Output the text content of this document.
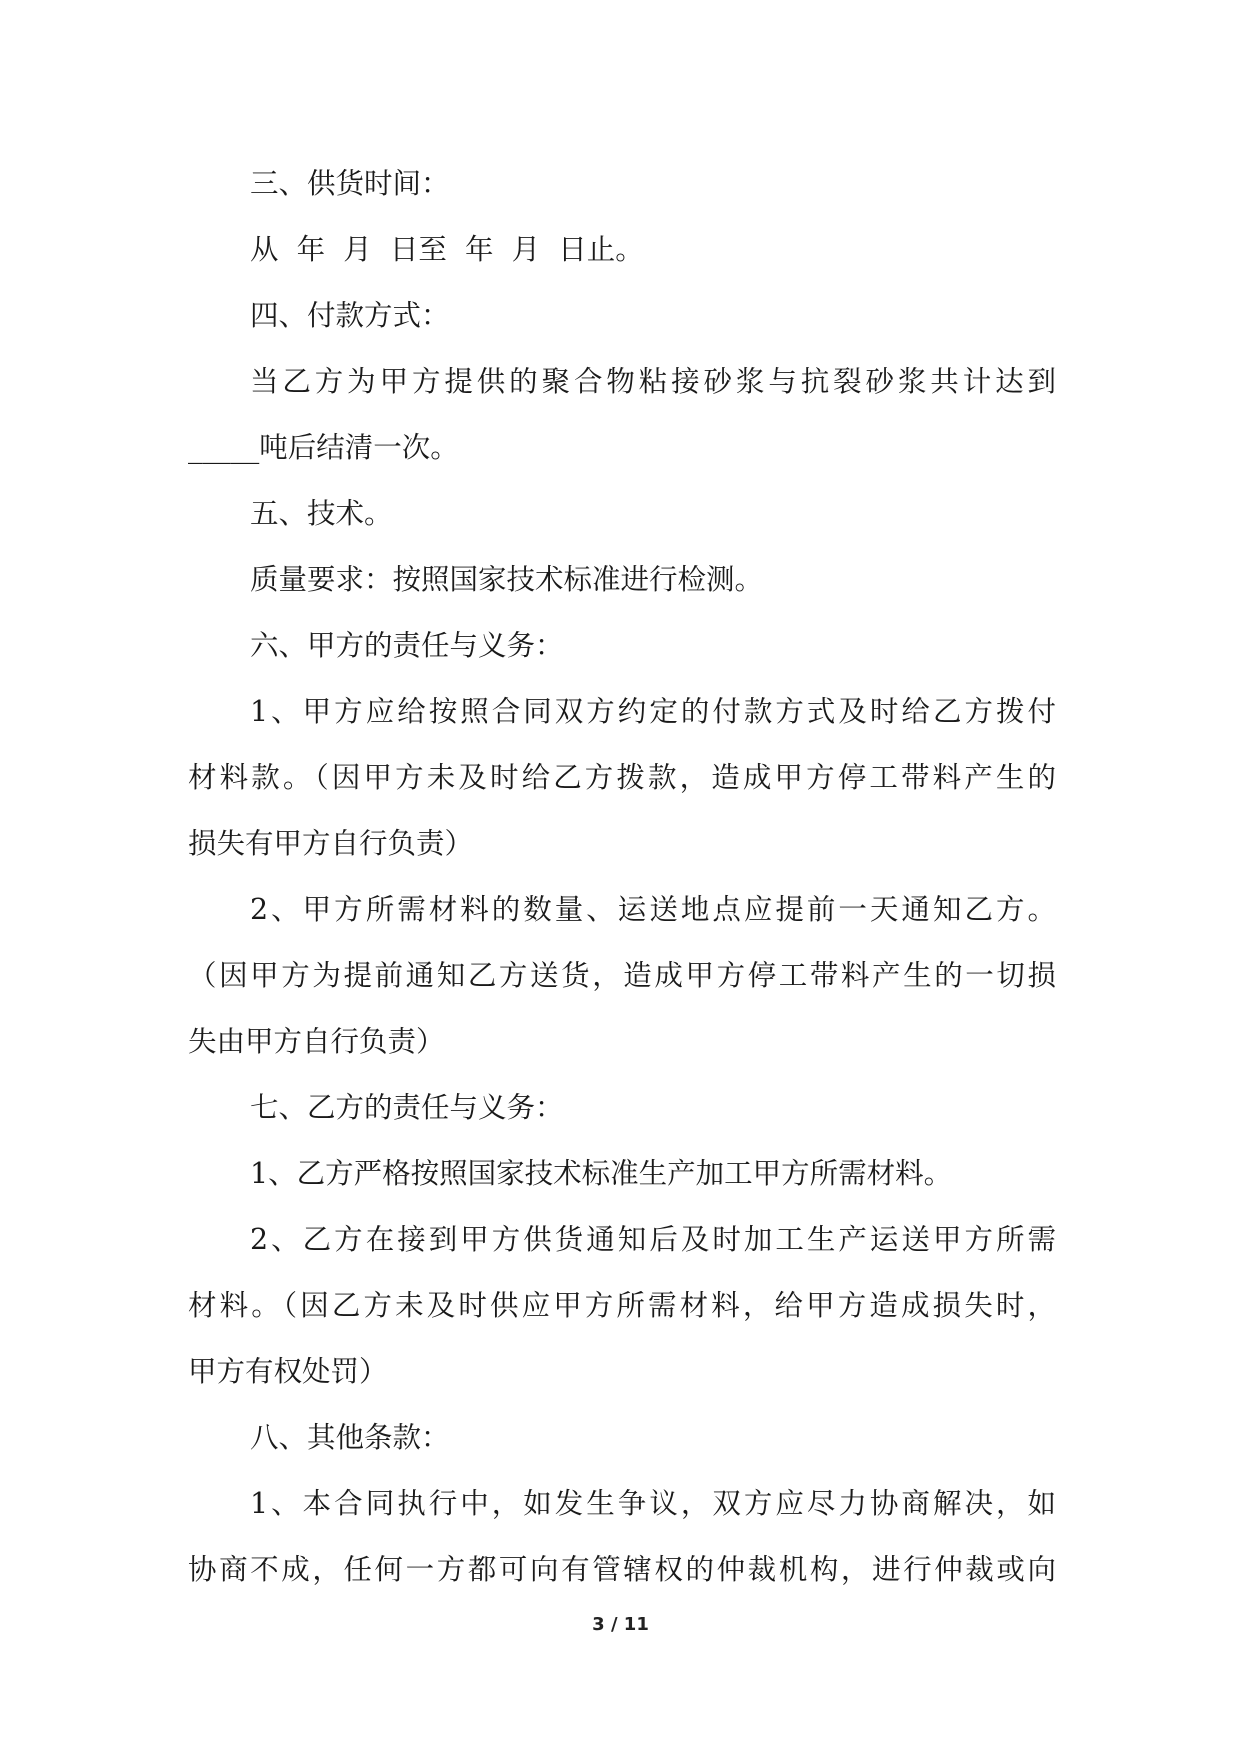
三、供货时间：

从  年  月  日至  年  月  日止。

四、付款方式：

当乙方为甲方提供的聚合物粘接砂浆与抗裂砂浆共计达到

_____吨后结清一次。

五、技术。

质量要求：按照国家技术标准进行检测。

六、甲方的责任与义务：

1、甲方应给按照合同双方约定的付款方式及时给乙方拨付

材料款。（因甲方未及时给乙方拨款，造成甲方停工带料产生的

损失有甲方自行负责）

2、甲方所需材料的数量、运送地点应提前一天通知乙方。

（因甲方为提前通知乙方送货，造成甲方停工带料产生的一切损

失由甲方自行负责）

七、乙方的责任与义务：

1、乙方严格按照国家技术标准生产加工甲方所需材料。

2、乙方在接到甲方供货通知后及时加工生产运送甲方所需

材料。（因乙方未及时供应甲方所需材料，给甲方造成损失时，

甲方有权处罚）

八、其他条款：

1、本合同执行中，如发生争议，双方应尽力协商解决，如

协商不成，任何一方都可向有管辖权的仲裁机构，进行仲裁或向

3 / 11
